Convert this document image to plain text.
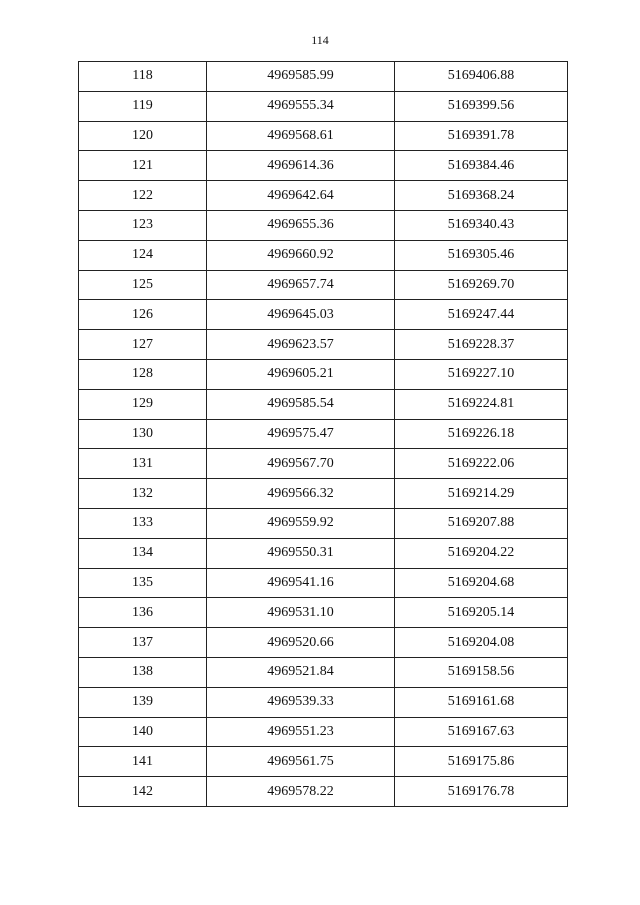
114
118	4969585.99	5169406.88
119	4969555.34	5169399.56
120	4969568.61	5169391.78
121	4969614.36	5169384.46
122	4969642.64	5169368.24
123	4969655.36	5169340.43
124	4969660.92	5169305.46
125	4969657.74	5169269.70
126	4969645.03	5169247.44
127	4969623.57	5169228.37
128	4969605.21	5169227.10
129	4969585.54	5169224.81
130	4969575.47	5169226.18
131	4969567.70	5169222.06
132	4969566.32	5169214.29
133	4969559.92	5169207.88
134	4969550.31	5169204.22
135	4969541.16	5169204.68
136	4969531.10	5169205.14
137	4969520.66	5169204.08
138	4969521.84	5169158.56
139	4969539.33	5169161.68
140	4969551.23	5169167.63
141	4969561.75	5169175.86
142	4969578.22	5169176.78
